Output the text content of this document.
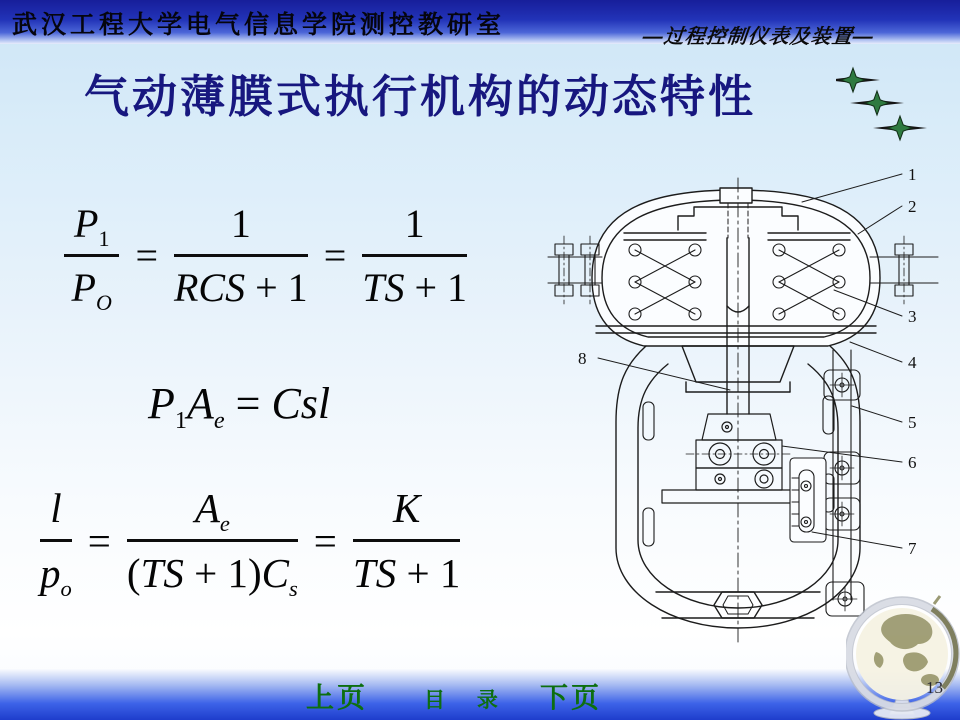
武汉工程大学电气信息学院测控教研室	—过程控制仪表及装置—
气动薄膜式执行机构的动态特性
$\frac{P_1}{P_O} = \frac{1}{\text{RCS + 1}} = \frac{1}{TS + 1}$
$P_1A_e$ = Csl
$\frac{l}{p_o} = \frac{A_e}{(TS + 1)C_s} = \frac{K}{TS + 1}$
1
2
3
4
5
6
7
8
上页	目 录 下页	13
